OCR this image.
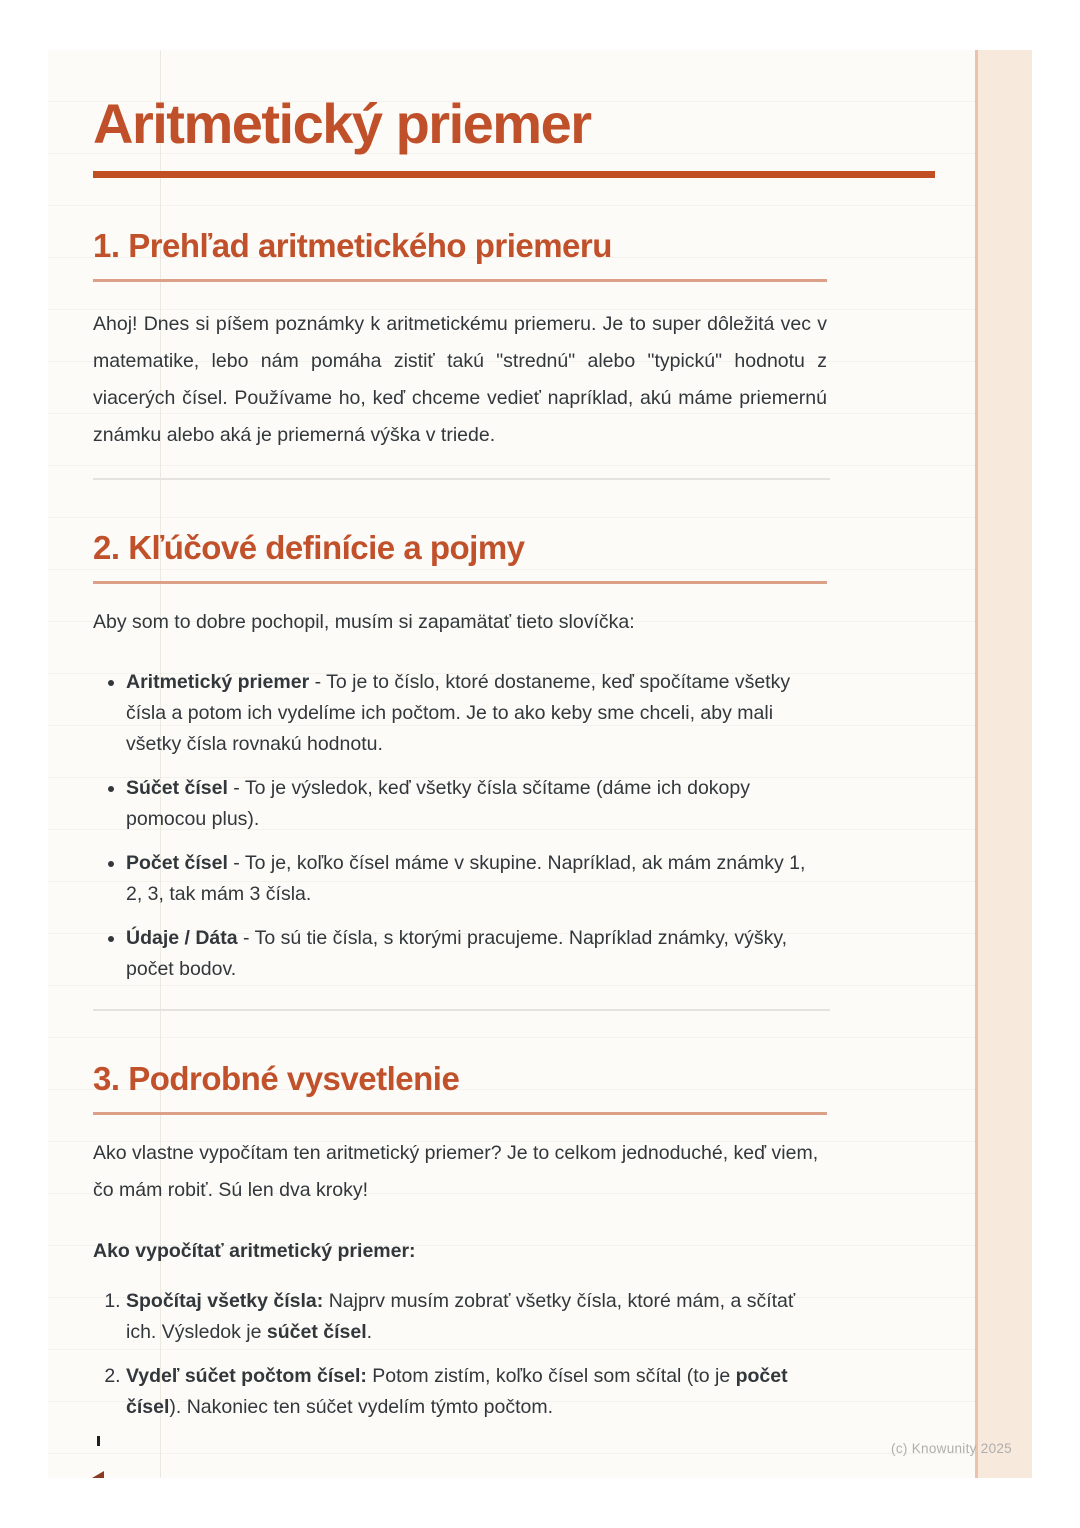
Aritmetický priemer
1. Prehľad aritmetického priemeru

Ahoj! Dnes si píšem poznámky k aritmetickému priemeru. Je to super dôležitá vec v matematike, lebo nám pomáha zistiť takú "strednú" alebo "typickú" hodnotu z viacerých čísel. Používame ho, keď chceme vedieť napríklad, akú máme priemernú známku alebo aká je priemerná výška v triede.

2. Kľúčové definície a pojmy

Aby som to dobre pochopil, musím si zapamätať tieto slovíčka:

• Aritmetický priemer - To je to číslo, ktoré dostaneme, keď spočítame všetky čísla a potom ich vydelíme ich počtom. Je to ako keby sme chceli, aby mali všetky čísla rovnakú hodnotu.
• Súčet čísel - To je výsledok, keď všetky čísla sčítame (dáme ich dokopy pomocou plus).
• Počet čísel - To je, koľko čísel máme v skupine. Napríklad, ak mám známky 1, 2, 3, tak mám 3 čísla.
• Údaje / Dáta - To sú tie čísla, s ktorými pracujeme. Napríklad známky, výšky, počet bodov.
3. Podrobné vysvetlenie

Ako vlastne vypočítam ten aritmetický priemer? Je to celkom jednoduché, keď viem, čo mám robiť. Sú len dva kroky!

Ako vypočítať aritmetický priemer:

1. Spočítaj všetky čísla: Najprv musím zobrať všetky čísla, ktoré mám, a sčítať ich. Výsledok je súčet čísel.
2. Vydeľ súčet počtom čísel: Potom zistím, koľko čísel som sčítal (to je počet čísel). Nakoniec ten súčet vydelím týmto počtom.
(c) Knowunity 2025
